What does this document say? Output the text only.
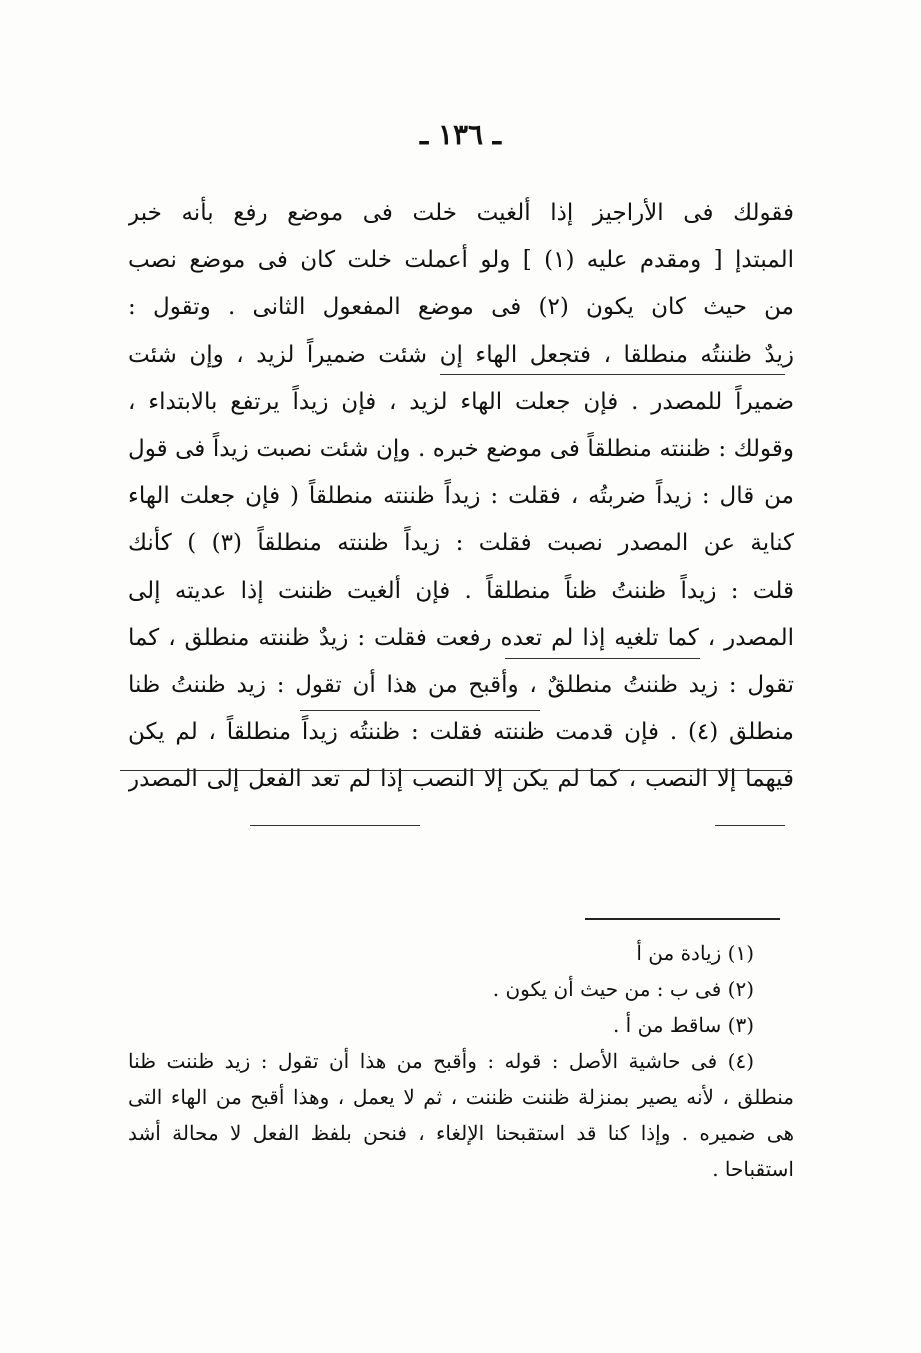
ـ ١٣٦ ـ
فقولك فى الأراجيز إذا ألغيت خلت فى موضع رفع بأنه خبر
المبتدإ [ ومقدم عليه (١) ] ولو أعملت خلت كان فى موضع نصب
من حيث كان يكون (٢) فى موضع المفعول الثانى . وتقول :
زيدٌ ظننتُه منطلقا ، فتجعل الهاء إن شئت ضميراً لزيد ، وإن شئت
ضميراً للمصدر . فإن جعلت الهاء لزيد ، فإن زيداً يرتفع بالابتداء ،
وقولك : ظننته منطلقاً فى موضع خبره . وإن شئت نصبت زيداً فى قول
من قال : زيداً ضربتُه ، فقلت : زيداً ظننته منطلقاً ( فإن جعلت الهاء
كناية عن المصدر نصبت فقلت : زيداً ظننته منطلقاً (٣) ) كأنك
قلت : زيداً ظننتُ ظناً منطلقاً . فإن ألغيت ظننت إذا عديته إلى
المصدر ، كما تلغيه إذا لم تعده رفعت فقلت : زيدٌ ظننته منطلق ، كما
تقول : زيد ظننتُ منطلقٌ ، وأقبح من هذا أن تقول : زيد ظننتُ ظنا
منطلق (٤) . فإن قدمت ظننته فقلت : ظننتُه زيداً منطلقاً ، لم يكن
فيهما إلا النصب ، كما لم يكن إلا النصب إذا لم تعد الفعل إلى المصدر
(١) زيادة من أ
(٢) فى ب : من حيث أن يكون .
(٣) ساقط من أ .
(٤) فى حاشية الأصل : قوله : وأقبح من هذا أن تقول : زيد ظننت ظنا
منطلق ، لأنه يصير بمنزلة ظننت ظننت ، ثم لا يعمل ، وهذا أقبح من الهاء التى
هى ضميره . وإذا كنا قد استقبحنا الإلغاء ، فنحن بلفظ الفعل لا محالة أشد
استقباحا .
